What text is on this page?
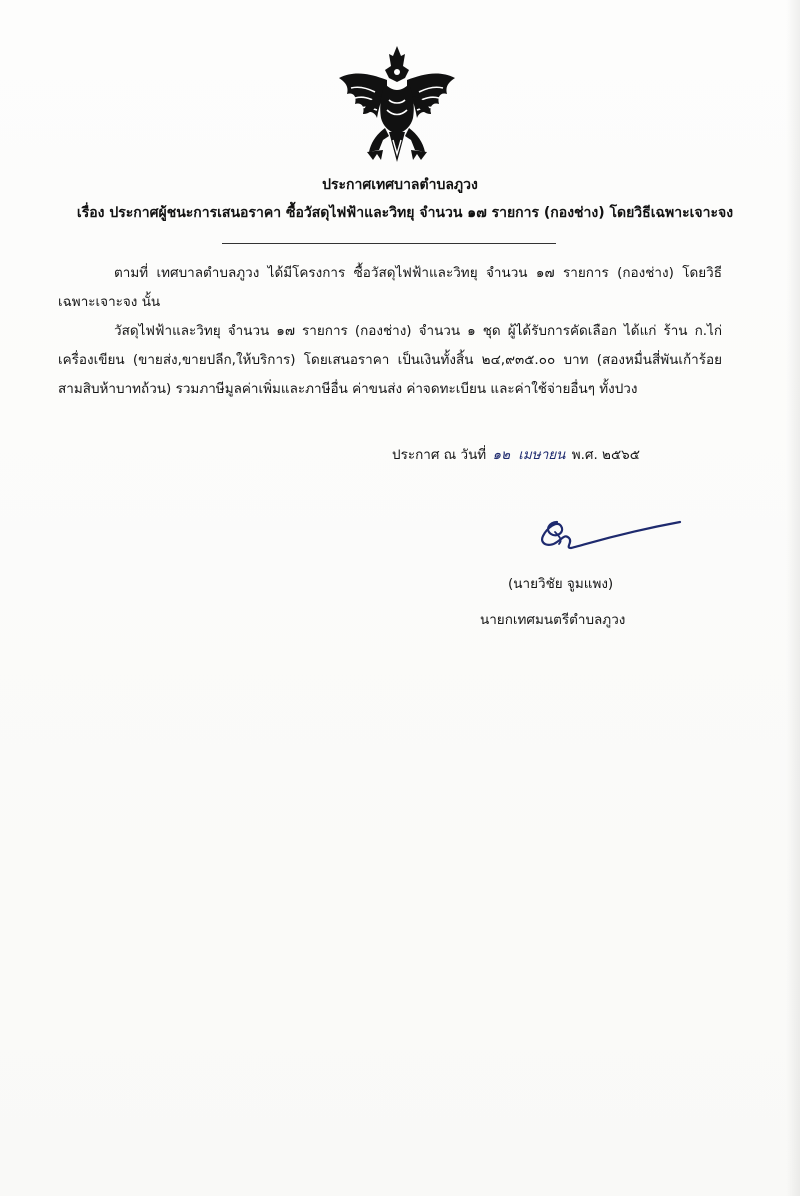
ประกาศเทศบาลตำบลภูวง
เรื่อง ประกาศผู้ชนะการเสนอราคา ซื้อวัสดุไฟฟ้าและวิทยุ จำนวน ๑๗ รายการ (กองช่าง) โดยวิธีเฉพาะเจาะจง
ตามที่ เทศบาลตำบลภูวง ได้มีโครงการ ซื้อวัสดุไฟฟ้าและวิทยุ จำนวน ๑๗ รายการ (กองช่าง) โดยวิธีเฉพาะเจาะจง นั้น
วัสดุไฟฟ้าและวิทยุ จำนวน ๑๗ รายการ (กองช่าง) จำนวน ๑ ชุด ผู้ได้รับการคัดเลือก ได้แก่ ร้าน ก.ไก่เครื่องเขียน (ขายส่ง,ขายปลีก,ให้บริการ) โดยเสนอราคา เป็นเงินทั้งสิ้น ๒๔,๙๓๕.๐๐ บาท (สองหมื่นสี่พันเก้าร้อยสามสิบห้าบาทถ้วน) รวมภาษีมูลค่าเพิ่มและภาษีอื่น ค่าขนส่ง ค่าจดทะเบียน และค่าใช้จ่ายอื่นๆ ทั้งปวง
ประกาศ ณ วันที่ ๑๒ เมษายน พ.ศ. ๒๕๖๕
(นายวิชัย จูมแพง)
นายกเทศมนตรีตำบลภูวง
